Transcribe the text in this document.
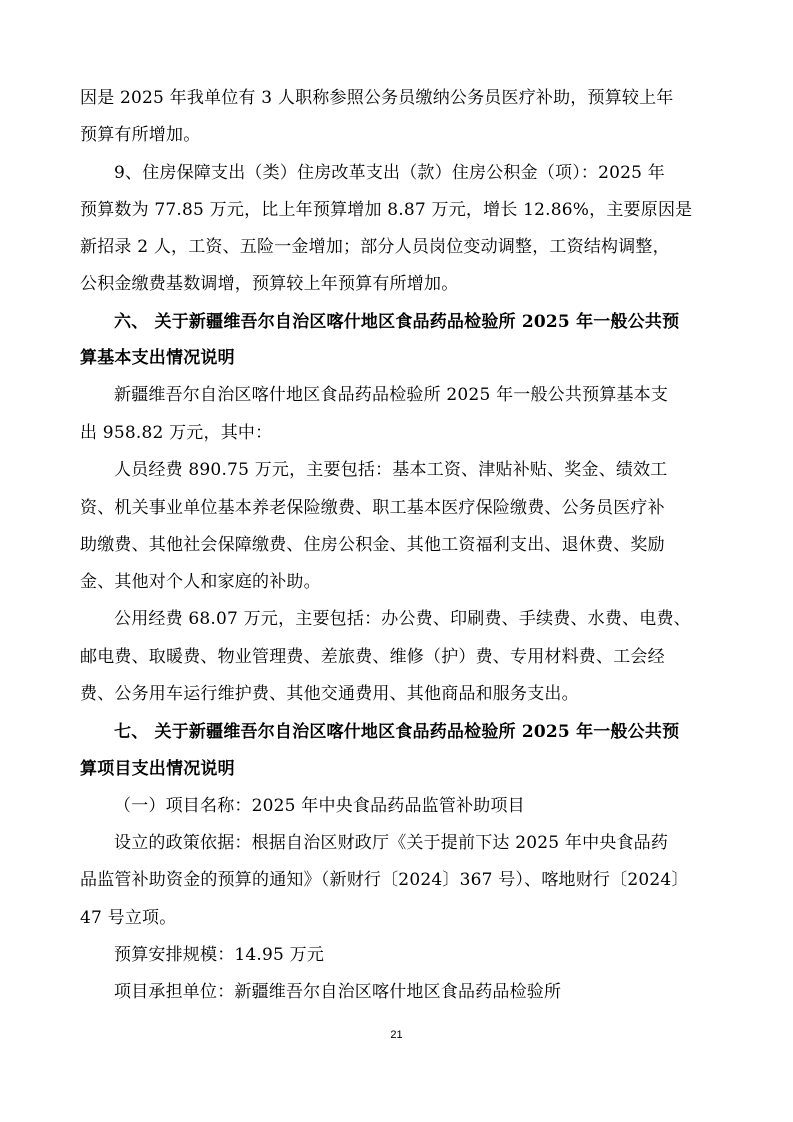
因是 2025 年我单位有 3 人职称参照公务员缴纳公务员医疗补助，预算较上年
预算有所增加。
9、住房保障支出（类）住房改革支出（款）住房公积金（项）：2025 年
预算数为 77.85 万元，比上年预算增加 8.87 万元，增长 12.86%，主要原因是
新招录 2 人，工资、五险一金增加；部分人员岗位变动调整，工资结构调整，
公积金缴费基数调增，预算较上年预算有所增加。
六、 关于新疆维吾尔自治区喀什地区食品药品检验所 2025 年一般公共预
算基本支出情况说明
新疆维吾尔自治区喀什地区食品药品检验所 2025 年一般公共预算基本支
出 958.82 万元，其中：
人员经费 890.75 万元，主要包括：基本工资、津贴补贴、奖金、绩效工
资、机关事业单位基本养老保险缴费、职工基本医疗保险缴费、公务员医疗补
助缴费、其他社会保障缴费、住房公积金、其他工资福利支出、退休费、奖励
金、其他对个人和家庭的补助。
公用经费 68.07 万元，主要包括：办公费、印刷费、手续费、水费、电费、
邮电费、取暖费、物业管理费、差旅费、维修（护）费、专用材料费、工会经
费、公务用车运行维护费、其他交通费用、其他商品和服务支出。
七、 关于新疆维吾尔自治区喀什地区食品药品检验所 2025 年一般公共预
算项目支出情况说明
（一）项目名称：2025 年中央食品药品监管补助项目
设立的政策依据：根据自治区财政厅《关于提前下达 2025 年中央食品药
品监管补助资金的预算的通知》（新财行〔2024〕367 号）、喀地财行〔2024〕
47 号立项。
预算安排规模：14.95 万元
项目承担单位：新疆维吾尔自治区喀什地区食品药品检验所
21
